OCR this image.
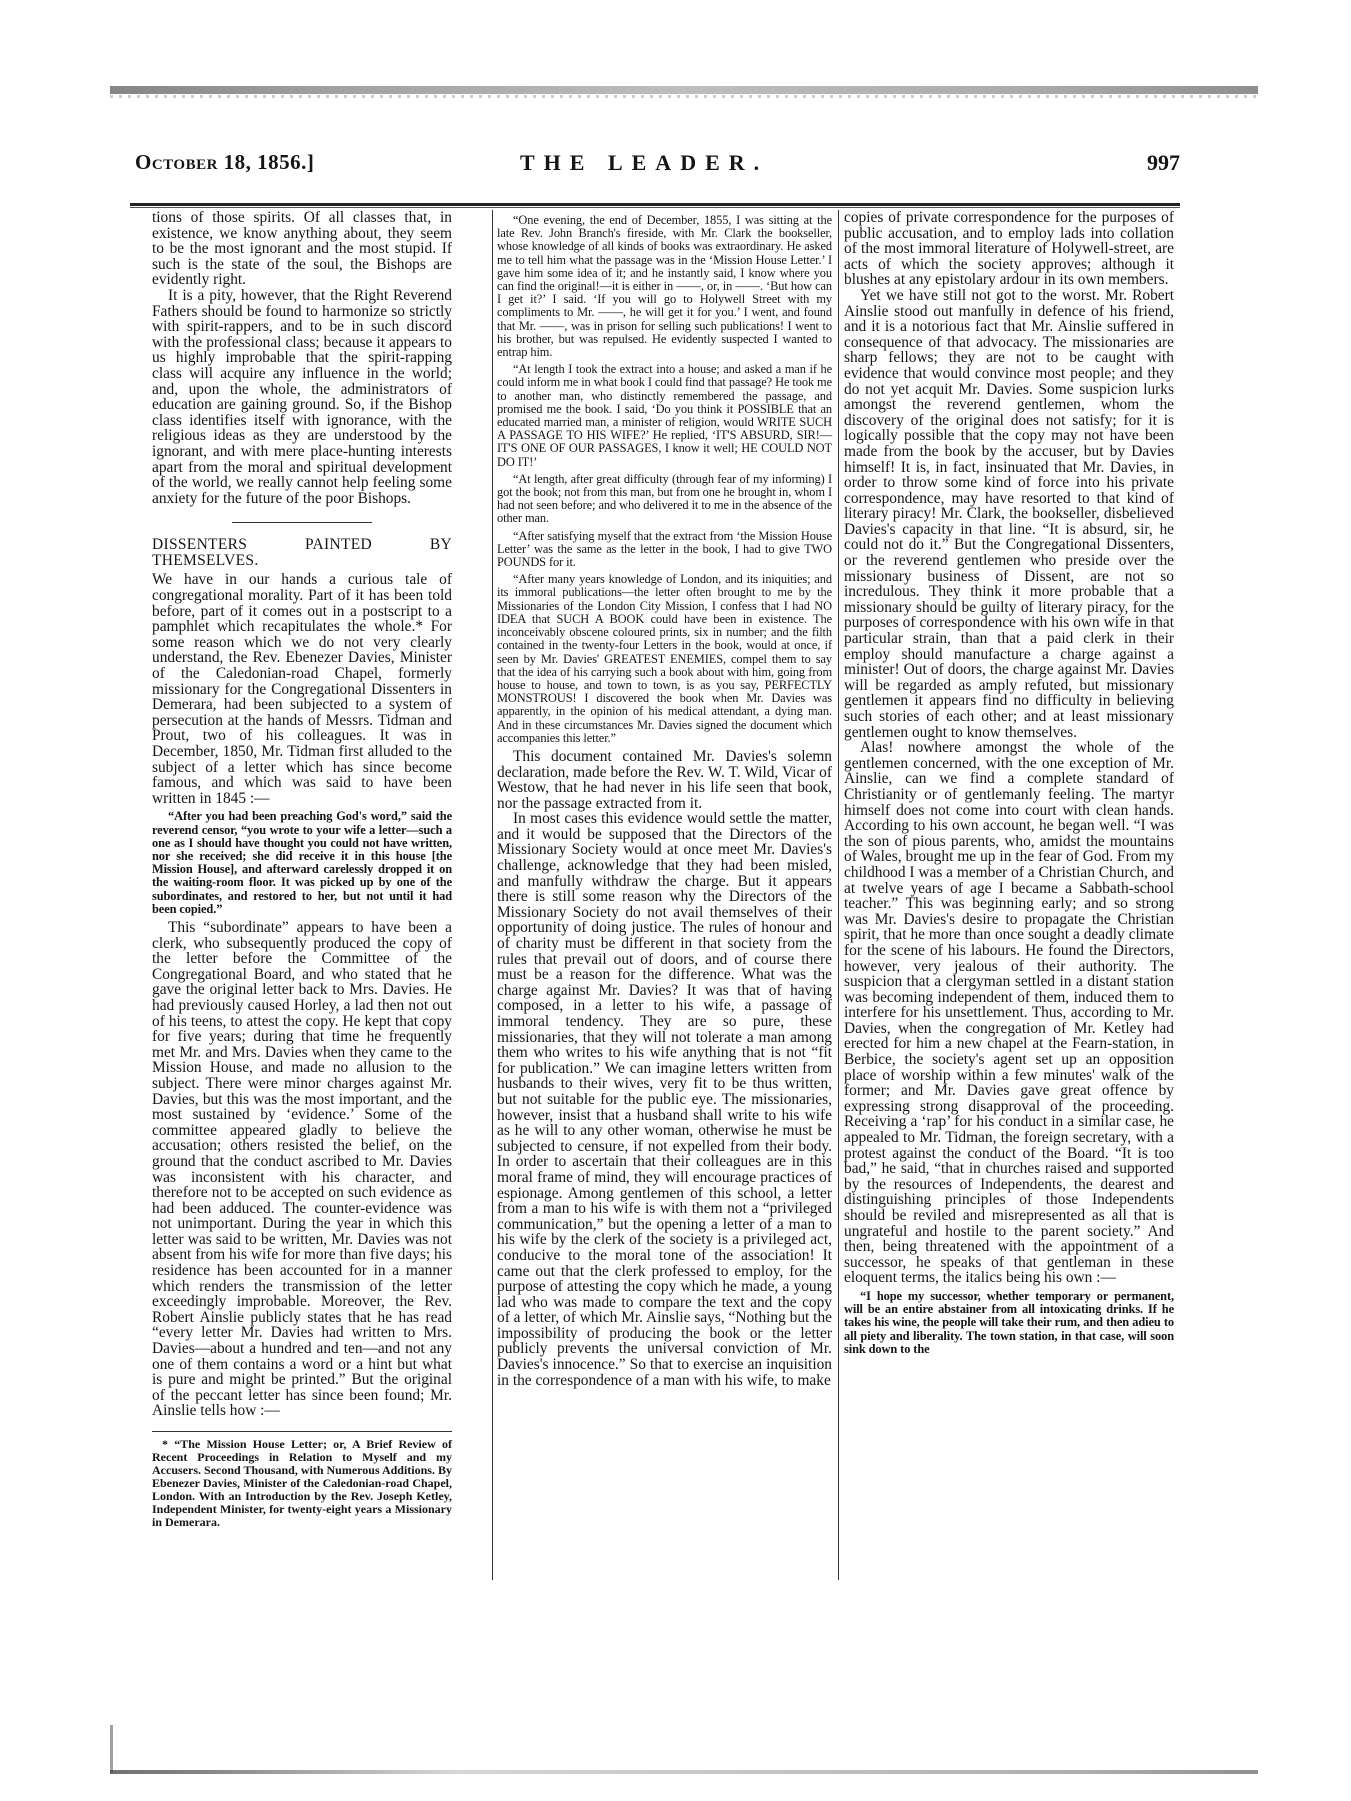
October 18, 1856.]	THE LEADER.	997

tions of those spirits. Of all classes that, in existence, we know anything about, they seem to be the most ignorant and the most stupid. If such is the state of the soul, the Bishops are evidently right.

It is a pity, however, that the Right Reverend Fathers should be found to harmonize so strictly with spirit-rappers, and to be in such discord with the professional class; because it appears to us highly improbable that the spirit-rapping class will acquire any influence in the world; and, upon the whole, the administrators of education are gaining ground. So, if the Bishop class identifies itself with ignorance, with the religious ideas as they are understood by the ignorant, and with mere place-hunting interests apart from the moral and spiritual development of the world, we really cannot help feeling some anxiety for the future of the poor Bishops.

DISSENTERS PAINTED BY THEMSELVES.

We have in our hands a curious tale of congregational morality. Part of it has been told before, part of it comes out in a postscript to a pamphlet which recapitulates the whole.* For some reason which we do not very clearly understand, the Rev. Ebenezer Davies, Minister of the Caledonian-road Chapel, formerly missionary for the Congregational Dissenters in Demerara, had been subjected to a system of persecution at the hands of Messrs. Tidman and Prout, two of his colleagues. It was in December, 1850, Mr. Tidman first alluded to the subject of a letter which has since become famous, and which was said to have been written in 1845 :—

“After you had been preaching God's word,” said the reverend censor, “you wrote to your wife a letter—such a one as I should have thought you could not have written, nor she received; she did receive it in this house [the Mission House], and afterward carelessly dropped it on the waiting-room floor. It was picked up by one of the subordinates, and restored to her, but not until it had been copied.”

This “subordinate” appears to have been a clerk, who subsequently produced the copy of the letter before the Committee of the Congregational Board, and who stated that he gave the original letter back to Mrs. Davies. He had previously caused Horley, a lad then not out of his teens, to attest the copy. He kept that copy for five years; during that time he frequently met Mr. and Mrs. Davies when they came to the Mission House, and made no allusion to the subject. There were minor charges against Mr. Davies, but this was the most important, and the most sustained by ‘evidence.’ Some of the committee appeared gladly to believe the accusation; others resisted the belief, on the ground that the conduct ascribed to Mr. Davies was inconsistent with his character, and therefore not to be accepted on such evidence as had been adduced. The counter-evidence was not unimportant. During the year in which this letter was said to be written, Mr. Davies was not absent from his wife for more than five days; his residence has been accounted for in a manner which renders the transmission of the letter exceedingly improbable. Moreover, the Rev. Robert Ainslie publicly states that he has read “every letter Mr. Davies had written to Mrs. Davies—about a hundred and ten—and not any one of them contains a word or a hint but what is pure and might be printed.” But the original of the peccant letter has since been found; Mr. Ainslie tells how :—

* “The Mission House Letter; or, A Brief Review of Recent Proceedings in Relation to Myself and my Accusers. Second Thousand, with Numerous Additions. By Ebenezer Davies, Minister of the Caledonian-road Chapel, London. With an Introduction by the Rev. Joseph Ketley, Independent Minister, for twenty-eight years a Missionary in Demerara.

“One evening, the end of December, 1855, I was sitting at the late Rev. John Branch's fireside, with Mr. Clark the bookseller, whose knowledge of all kinds of books was extraordinary. He asked me to tell him what the passage was in the ‘Mission House Letter.’ I gave him some idea of it; and he instantly said, I know where you can find the original!—it is either in ——, or, in ——. ‘But how can I get it?’ I said. ‘If you will go to Holywell Street with my compliments to Mr. ——, he will get it for you.’ I went, and found that Mr. ——, was in prison for selling such publications! I went to his brother, but was repulsed. He evidently suspected I wanted to entrap him.

“At length I took the extract into a house; and asked a man if he could inform me in what book I could find that passage? He took me to another man, who distinctly remembered the passage, and promised me the book. I said, ‘Do you think it POSSIBLE that an educated married man, a minister of religion, would WRITE SUCH A PASSAGE TO HIS WIFE?’ He replied, ‘IT'S ABSURD, SIR!—IT'S ONE OF OUR PASSAGES, I know it well; HE COULD NOT DO IT!’

“At length, after great difficulty (through fear of my informing) I got the book; not from this man, but from one he brought in, whom I had not seen before; and who delivered it to me in the absence of the other man.

“After satisfying myself that the extract from ‘the Mission House Letter’ was the same as the letter in the book, I had to give TWO POUNDS for it.

“After many years knowledge of London, and its iniquities; and its immoral publications—the letter often brought to me by the Missionaries of the London City Mission, I confess that I had NO IDEA that SUCH A BOOK could have been in existence. The inconceivably obscene coloured prints, six in number; and the filth contained in the twenty-four Letters in the book, would at once, if seen by Mr. Davies' GREATEST ENEMIES, compel them to say that the idea of his carrying such a book about with him, going from house to house, and town to town, is as you say, PERFECTLY MONSTROUS! I discovered the book when Mr. Davies was apparently, in the opinion of his medical attendant, a dying man. And in these circumstances Mr. Davies signed the document which accompanies this letter.”

This document contained Mr. Davies's solemn declaration, made before the Rev. W. T. Wild, Vicar of Westow, that he had never in his life seen that book, nor the passage extracted from it.

In most cases this evidence would settle the matter, and it would be supposed that the Directors of the Missionary Society would at once meet Mr. Davies's challenge, acknowledge that they had been misled, and manfully withdraw the charge. But it appears there is still some reason why the Directors of the Missionary Society do not avail themselves of their opportunity of doing justice. The rules of honour and of charity must be different in that society from the rules that prevail out of doors, and of course there must be a reason for the difference. What was the charge against Mr. Davies? It was that of having composed, in a letter to his wife, a passage of immoral tendency. They are so pure, these missionaries, that they will not tolerate a man among them who writes to his wife anything that is not “fit for publication.” We can imagine letters written from husbands to their wives, very fit to be thus written, but not suitable for the public eye. The missionaries, however, insist that a husband shall write to his wife as he will to any other woman, otherwise he must be subjected to censure, if not expelled from their body. In order to ascertain that their colleagues are in this moral frame of mind, they will encourage practices of espionage. Among gentlemen of this school, a letter from a man to his wife is with them not a “privileged communication,” but the opening a letter of a man to his wife by the clerk of the society is a privileged act, conducive to the moral tone of the association! It came out that the clerk professed to employ, for the purpose of attesting the copy which he made, a young lad who was made to compare the text and the copy of a letter, of which Mr. Ainslie says, “Nothing but the impossibility of producing the book or the letter publicly prevents the universal conviction of Mr. Davies's innocence.” So that to exercise an inquisition in the correspondence of a man with his wife, to make

copies of private correspondence for the purposes of public accusation, and to employ lads into collation of the most immoral literature of Holywell-street, are acts of which the society approves; although it blushes at any epistolary ardour in its own members.

Yet we have still not got to the worst. Mr. Robert Ainslie stood out manfully in defence of his friend, and it is a notorious fact that Mr. Ainslie suffered in consequence of that advocacy. The missionaries are sharp fellows; they are not to be caught with evidence that would convince most people; and they do not yet acquit Mr. Davies. Some suspicion lurks amongst the reverend gentlemen, whom the discovery of the original does not satisfy; for it is logically possible that the copy may not have been made from the book by the accuser, but by Davies himself! It is, in fact, insinuated that Mr. Davies, in order to throw some kind of force into his private correspondence, may have resorted to that kind of literary piracy! Mr. Clark, the bookseller, disbelieved Davies's capacity in that line. “It is absurd, sir, he could not do it.” But the Congregational Dissenters, or the reverend gentlemen who preside over the missionary business of Dissent, are not so incredulous. They think it more probable that a missionary should be guilty of literary piracy, for the purposes of correspondence with his own wife in that particular strain, than that a paid clerk in their employ should manufacture a charge against a minister! Out of doors, the charge against Mr. Davies will be regarded as amply refuted, but missionary gentlemen it appears find no difficulty in believing such stories of each other; and at least missionary gentlemen ought to know themselves.

Alas! nowhere amongst the whole of the gentlemen concerned, with the one exception of Mr. Ainslie, can we find a complete standard of Christianity or of gentlemanly feeling. The martyr himself does not come into court with clean hands. According to his own account, he began well. “I was the son of pious parents, who, amidst the mountains of Wales, brought me up in the fear of God. From my childhood I was a member of a Christian Church, and at twelve years of age I became a Sabbath-school teacher.” This was beginning early; and so strong was Mr. Davies's desire to propagate the Christian spirit, that he more than once sought a deadly climate for the scene of his labours. He found the Directors, however, very jealous of their authority. The suspicion that a clergyman settled in a distant station was becoming independent of them, induced them to interfere for his unsettlement. Thus, according to Mr. Davies, when the congregation of Mr. Ketley had erected for him a new chapel at the Fearn-station, in Berbice, the society's agent set up an opposition place of worship within a few minutes' walk of the former; and Mr. Davies gave great offence by expressing strong disapproval of the proceeding. Receiving a ‘rap’ for his conduct in a similar case, he appealed to Mr. Tidman, the foreign secretary, with a protest against the conduct of the Board. “It is too bad,” he said, “that in churches raised and supported by the resources of Independents, the dearest and distinguishing principles of those Independents should be reviled and misrepresented as all that is ungrateful and hostile to the parent society.” And then, being threatened with the appointment of a successor, he speaks of that gentleman in these eloquent terms, the italics being his own :—

“I hope my successor, whether temporary or permanent, will be an entire abstainer from all intoxicating drinks. If he takes his wine, the people will take their rum, and then adieu to all piety and liberality. The town station, in that case, will soon sink down to the
